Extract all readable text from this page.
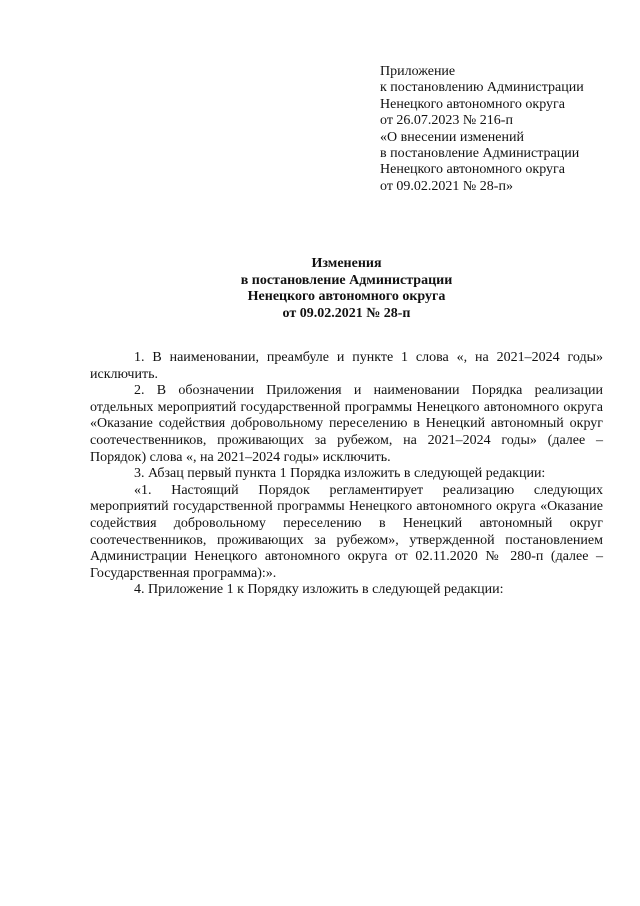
Приложение
к постановлению Администрации
Ненецкого автономного округа
от 26.07.2023 № 216-п
«О внесении изменений
в постановление Администрации
Ненецкого автономного округа
от 09.02.2021 № 28-п»
Изменения
в постановление Администрации
Ненецкого автономного округа
от 09.02.2021 № 28-п

1. В наименовании, преамбуле и пункте 1 слова «, на 2021–2024 годы» исключить.

2. В обозначении Приложения и наименовании Порядка реализации отдельных мероприятий государственной программы Ненецкого автономного округа «Оказание содействия добровольному переселению в Ненецкий автономный округ соотечественников, проживающих за рубежом, на 2021–2024 годы» (далее – Порядок) слова «, на 2021–2024 годы» исключить.

3. Абзац первый пункта 1 Порядка изложить в следующей редакции:

«1. Настоящий Порядок регламентирует реализацию следующих мероприятий государственной программы Ненецкого автономного округа «Оказание содействия добровольному переселению в Ненецкий автономный округ соотечественников, проживающих за рубежом», утвержденной постановлением Администрации Ненецкого автономного округа от 02.11.2020 № 280-п (далее – Государственная программа):».

4. Приложение 1 к Порядку изложить в следующей редакции:
